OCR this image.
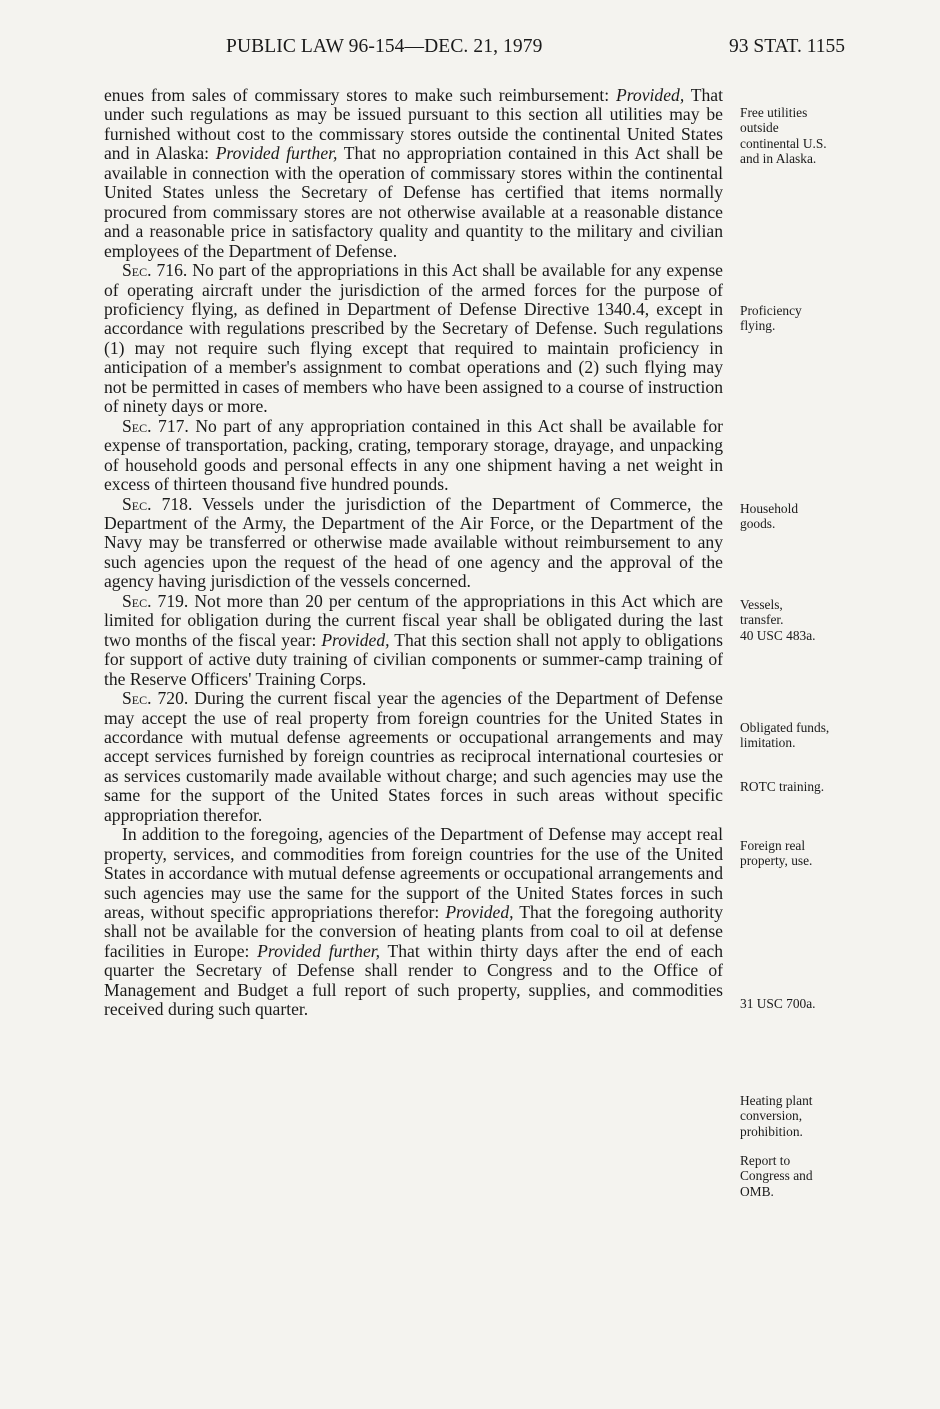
PUBLIC LAW 96-154—DEC. 21, 1979	93 STAT. 1155

enues from sales of commissary stores to make such reimbursement: Provided, That under such regulations as may be issued pursuant to this section all utilities may be furnished without cost to the commissary stores outside the continental United States and in Alaska: Provided further, That no appropriation contained in this Act shall be available in connection with the operation of commissary stores within the continental United States unless the Secretary of Defense has certified that items normally procured from commissary stores are not otherwise available at a reasonable distance and a reasonable price in satisfactory quality and quantity to the military and civilian employees of the Department of Defense.

Sec. 716. No part of the appropriations in this Act shall be available for any expense of operating aircraft under the jurisdiction of the armed forces for the purpose of proficiency flying, as defined in Department of Defense Directive 1340.4, except in accordance with regulations prescribed by the Secretary of Defense. Such regulations (1) may not require such flying except that required to maintain proficiency in anticipation of a member's assignment to combat operations and (2) such flying may not be permitted in cases of members who have been assigned to a course of instruction of ninety days or more.

Sec. 717. No part of any appropriation contained in this Act shall be available for expense of transportation, packing, crating, temporary storage, drayage, and unpacking of household goods and personal effects in any one shipment having a net weight in excess of thirteen thousand five hundred pounds.

Sec. 718. Vessels under the jurisdiction of the Department of Commerce, the Department of the Army, the Department of the Air Force, or the Department of the Navy may be transferred or otherwise made available without reimbursement to any such agencies upon the request of the head of one agency and the approval of the agency having jurisdiction of the vessels concerned.

Sec. 719. Not more than 20 per centum of the appropriations in this Act which are limited for obligation during the current fiscal year shall be obligated during the last two months of the fiscal year: Provided, That this section shall not apply to obligations for support of active duty training of civilian components or summer-camp training of the Reserve Officers' Training Corps.

Sec. 720. During the current fiscal year the agencies of the Department of Defense may accept the use of real property from foreign countries for the United States in accordance with mutual defense agreements or occupational arrangements and may accept services furnished by foreign countries as reciprocal international courtesies or as services customarily made available without charge; and such agencies may use the same for the support of the United States forces in such areas without specific appropriation therefor.

In addition to the foregoing, agencies of the Department of Defense may accept real property, services, and commodities from foreign countries for the use of the United States in accordance with mutual defense agreements or occupational arrangements and such agencies may use the same for the support of the United States forces in such areas, without specific appropriations therefor: Provided, That the foregoing authority shall not be available for the conversion of heating plants from coal to oil at defense facilities in Europe: Provided further, That within thirty days after the end of each quarter the Secretary of Defense shall render to Congress and to the Office of Management and Budget a full report of such property, supplies, and commodities received during such quarter.

Free utilities
outside
continental U.S.
and in Alaska.
Proficiency
flying.
Household
goods.
Vessels,
transfer.
40 USC 483a.
Obligated funds,
limitation.
ROTC training.
Foreign real
property, use.
31 USC 700a.
Heating plant
conversion,
prohibition.
Report to
Congress and
OMB.
